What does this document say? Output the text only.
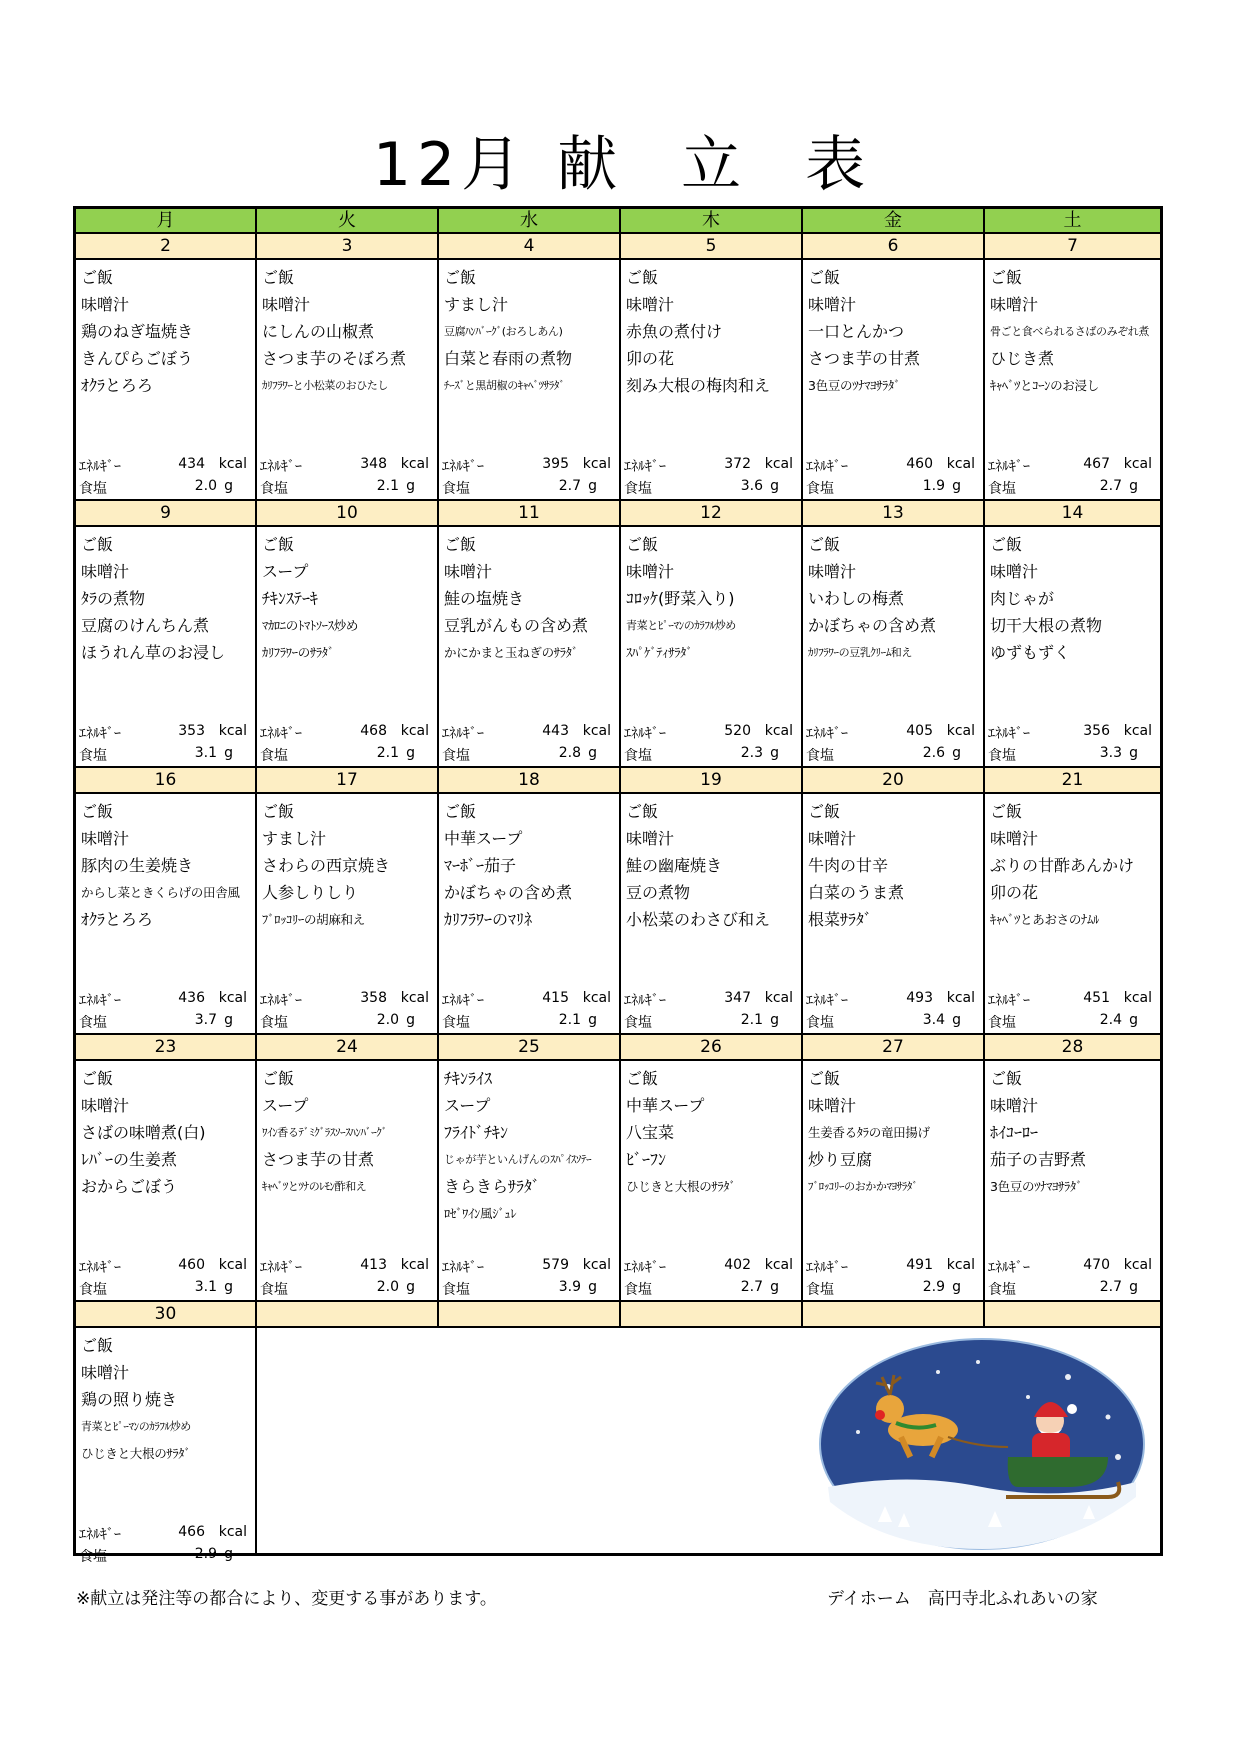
12月 献　立　表
月	火	水	木	金	土
2	3	4	5	6	7
ご飯
味噌汁
鶏のねぎ塩焼き
きんぴらごぼう
ｵｸﾗとろろ
ｴﾈﾙｷﾞｰ	434 kcal
食塩	2.0 g
ご飯
味噌汁
にしんの山椒煮
さつま芋のそぼろ煮
ｶﾘﾌﾗﾜｰと小松菜のおひたし
ｴﾈﾙｷﾞｰ	348 kcal
食塩	2.1 g
ご飯
すまし汁
豆腐ﾊﾝﾊﾞｰｸﾞ(おろしあん)
白菜と春雨の煮物
ﾁｰｽﾞと黒胡椒のｷｬﾍﾞﾂｻﾗﾀﾞ
ｴﾈﾙｷﾞｰ	395 kcal
食塩	2.7 g
ご飯
味噌汁
赤魚の煮付け
卯の花
刻み大根の梅肉和え
ｴﾈﾙｷﾞｰ	372 kcal
食塩	3.6 g
ご飯
味噌汁
一口とんかつ
さつま芋の甘煮
3色豆のﾂﾅﾏﾖｻﾗﾀﾞ
ｴﾈﾙｷﾞｰ	460 kcal
食塩	1.9 g
ご飯
味噌汁
骨ごと食べられるさばのみぞれ煮
ひじき煮
ｷｬﾍﾞﾂとｺｰﾝのお浸し
ｴﾈﾙｷﾞｰ	467 kcal
食塩	2.7 g
9	10	11	12	13	14
ご飯
味噌汁
ﾀﾗの煮物
豆腐のけんちん煮
ほうれん草のお浸し
ｴﾈﾙｷﾞｰ	353 kcal
食塩	3.1 g
ご飯
スープ
ﾁｷﾝｽﾃｰｷ
ﾏｶﾛﾆのﾄﾏﾄｿｰｽ炒め
ｶﾘﾌﾗﾜｰのｻﾗﾀﾞ
ｴﾈﾙｷﾞｰ	468 kcal
食塩	2.1 g
ご飯
味噌汁
鮭の塩焼き
豆乳がんもの含め煮
かにかまと玉ねぎのｻﾗﾀﾞ
ｴﾈﾙｷﾞｰ	443 kcal
食塩	2.8 g
ご飯
味噌汁
ｺﾛｯｹ(野菜入り)
青菜とﾋﾟｰﾏﾝのｶﾗﾌﾙ炒め
ｽﾊﾟｹﾞﾃｨｻﾗﾀﾞ
ｴﾈﾙｷﾞｰ	520 kcal
食塩	2.3 g
ご飯
味噌汁
いわしの梅煮
かぼちゃの含め煮
ｶﾘﾌﾗﾜｰの豆乳ｸﾘｰﾑ和え
ｴﾈﾙｷﾞｰ	405 kcal
食塩	2.6 g
ご飯
味噌汁
肉じゃが
切干大根の煮物
ゆずもずく
ｴﾈﾙｷﾞｰ	356 kcal
食塩	3.3 g
16	17	18	19	20	21
ご飯
味噌汁
豚肉の生姜焼き
からし菜ときくらげの田舎風
ｵｸﾗとろろ
ｴﾈﾙｷﾞｰ	436 kcal
食塩	3.7 g
ご飯
すまし汁
さわらの西京焼き
人参しりしり
ﾌﾞﾛｯｺﾘｰの胡麻和え
ｴﾈﾙｷﾞｰ	358 kcal
食塩	2.0 g
ご飯
中華スープ
ﾏｰﾎﾞｰ茄子
かぼちゃの含め煮
ｶﾘﾌﾗﾜｰのﾏﾘﾈ
ｴﾈﾙｷﾞｰ	415 kcal
食塩	2.1 g
ご飯
味噌汁
鮭の幽庵焼き
豆の煮物
小松菜のわさび和え
ｴﾈﾙｷﾞｰ	347 kcal
食塩	2.1 g
ご飯
味噌汁
牛肉の甘辛
白菜のうま煮
根菜ｻﾗﾀﾞ
ｴﾈﾙｷﾞｰ	493 kcal
食塩	3.4 g
ご飯
味噌汁
ぶりの甘酢あんかけ
卯の花
ｷｬﾍﾞﾂとあおさのﾅﾑﾙ
ｴﾈﾙｷﾞｰ	451 kcal
食塩	2.4 g
23	24	25	26	27	28
ご飯
味噌汁
さばの味噌煮(白)
ﾚﾊﾞｰの生姜煮
おからごぼう
ｴﾈﾙｷﾞｰ	460 kcal
食塩	3.1 g
ご飯
スープ
ﾜｲﾝ香るﾃﾞﾐｸﾞﾗｽｿｰｽﾊﾝﾊﾞｰｸﾞ
さつま芋の甘煮
ｷｬﾍﾞﾂとﾂﾅのﾚﾓﾝ酢和え
ｴﾈﾙｷﾞｰ	413 kcal
食塩	2.0 g
ﾁｷﾝﾗｲｽ
スープ
ﾌﾗｲﾄﾞﾁｷﾝ
じゃが芋といんげんのｽﾊﾟｲｽｿﾃｰ
きらきらｻﾗﾀﾞ
ﾛｾﾞﾜｲﾝ風ｼﾞｭﾚ
ｴﾈﾙｷﾞｰ	579 kcal
食塩	3.9 g
ご飯
中華スープ
八宝菜
ﾋﾞｰﾌﾝ
ひじきと大根のｻﾗﾀﾞ
ｴﾈﾙｷﾞｰ	402 kcal
食塩	2.7 g
ご飯
味噌汁
生姜香るﾀﾗの竜田揚げ
炒り豆腐
ﾌﾞﾛｯｺﾘｰのおかかﾏﾖｻﾗﾀﾞ
ｴﾈﾙｷﾞｰ	491 kcal
食塩	2.9 g
ご飯
味噌汁
ﾎｲｺｰﾛｰ
茄子の吉野煮
3色豆のﾂﾅﾏﾖｻﾗﾀﾞ
ｴﾈﾙｷﾞｰ	470 kcal
食塩	2.7 g
30
ご飯
味噌汁
鶏の照り焼き
青菜とﾋﾟｰﾏﾝのｶﾗﾌﾙ炒め
ひじきと大根のｻﾗﾀﾞ
ｴﾈﾙｷﾞｰ	466 kcal
食塩	2.9 g
※献立は発注等の都合により、変更する事があります。	デイホーム　高円寺北ふれあいの家
